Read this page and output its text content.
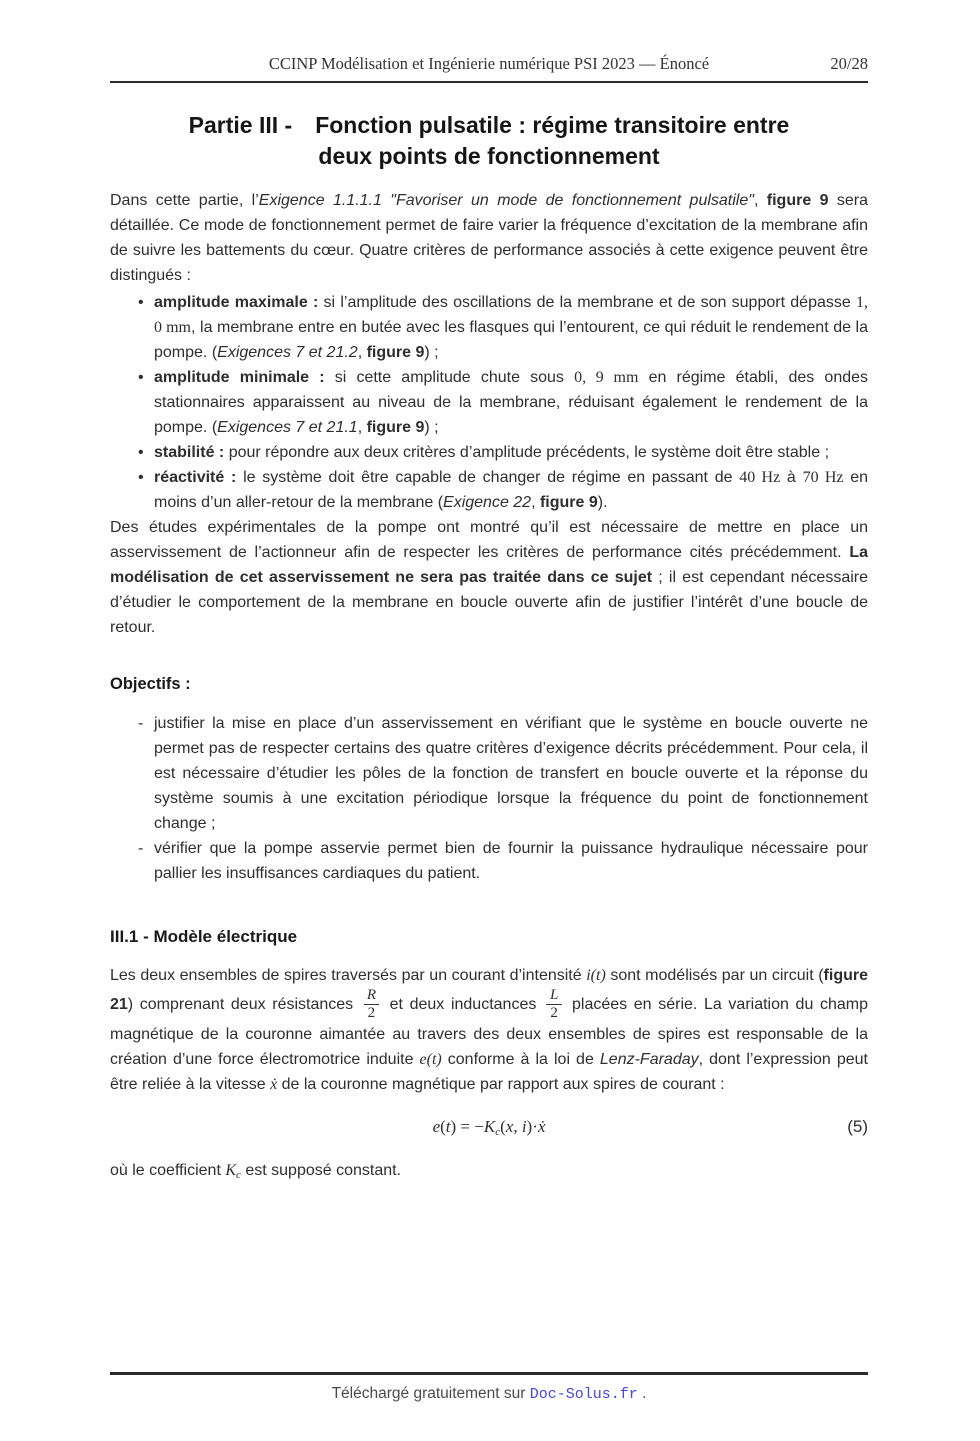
CCINP Modélisation et Ingénierie numérique PSI 2023 — Énoncé	20/28
Partie III - Fonction pulsatile : régime transitoire entre
deux points de fonctionnement

Dans cette partie, l’Exigence 1.1.1.1 "Favoriser un mode de fonctionnement pulsatile", figure 9 sera détaillée. Ce mode de fonctionnement permet de faire varier la fréquence d’excitation de la membrane afin de suivre les battements du cœur. Quatre critères de performance associés à cette exigence peuvent être distingués :

• amplitude maximale : si l’amplitude des oscillations de la membrane et de son support dépasse 1, 0 mm, la membrane entre en butée avec les flasques qui l’entourent, ce qui réduit le rendement de la pompe. (Exigences 7 et 21.2, figure 9) ;
• amplitude minimale : si cette amplitude chute sous 0, 9 mm en régime établi, des ondes stationnaires apparaissent au niveau de la membrane, réduisant également le rendement de la pompe. (Exigences 7 et 21.1, figure 9) ;
• stabilité : pour répondre aux deux critères d’amplitude précédents, le système doit être stable ;
• réactivité : le système doit être capable de changer de régime en passant de 40 Hz à 70 Hz en moins d’un aller-retour de la membrane (Exigence 22, figure 9).

Des études expérimentales de la pompe ont montré qu’il est nécessaire de mettre en place un asservissement de l’actionneur afin de respecter les critères de performance cités précédemment. La modélisation de cet asservissement ne sera pas traitée dans ce sujet ; il est cependant nécessaire d’étudier le comportement de la membrane en boucle ouverte afin de justifier l’intérêt d’une boucle de retour.

Objectifs :
- justifier la mise en place d’un asservissement en vérifiant que le système en boucle ouverte ne permet pas de respecter certains des quatre critères d’exigence décrits précédemment. Pour cela, il est nécessaire d’étudier les pôles de la fonction de transfert en boucle ouverte et la réponse du système soumis à une excitation périodique lorsque la fréquence du point de fonctionnement change ;
- vérifier que la pompe asservie permet bien de fournir la puissance hydraulique nécessaire pour pallier les insuffisances cardiaques du patient.
III.1 - Modèle électrique

Les deux ensembles de spires traversés par un courant d’intensité i(t) sont modélisés par un circuit (figure 21) comprenant deux résistances $\frac{R}{2}$ et deux inductances $\frac{L}{2}$ placées en série. La variation du champ magnétique de la couronne aimantée au travers des deux ensembles de spires est responsable de la création d’une force électromotrice induite e(t) conforme à la loi de Lenz-Faraday, dont l’expression peut être reliée à la vitesse ẋ de la couronne magnétique par rapport aux spires de courant :

e(t) = −Kc(x, i)·ẋ	(5)

où le coefficient Kc est supposé constant.

Téléchargé gratuitement sur Doc-Solus.fr .
